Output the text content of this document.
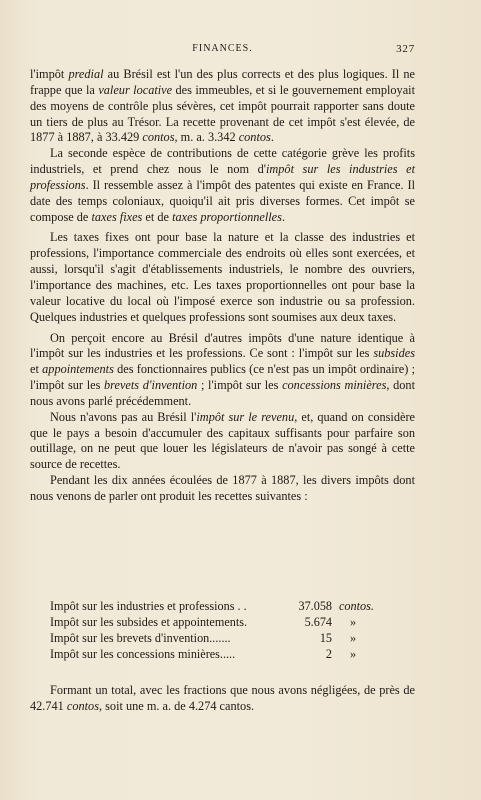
FINANCES.	327

l'impôt predial au Brésil est l'un des plus corrects et des plus logiques. Il ne frappe que la valeur locative des immeubles, et si le gouvernement employait des moyens de contrôle plus sévères, cet impôt pourrait rapporter sans doute un tiers de plus au Trésor. La recette provenant de cet impôt s'est élevée, de 1877 à 1887, à 33.429 contos, m. a. 3.342 contos.

La seconde espèce de contributions de cette catégorie grève les profits industriels, et prend chez nous le nom d'impôt sur les industries et professions. Il ressemble assez à l'impôt des patentes qui existe en France. Il date des temps coloniaux, quoiqu'il ait pris diverses formes. Cet impôt se compose de taxes fixes et de taxes proportionnelles.

Les taxes fixes ont pour base la nature et la classe des industries et professions, l'importance commerciale des endroits où elles sont exercées, et aussi, lorsqu'il s'agit d'établissements industriels, le nombre des ouvriers, l'importance des machines, etc. Les taxes proportionnelles ont pour base la valeur locative du local où l'imposé exerce son industrie ou sa profession. Quelques industries et quelques professions sont soumises aux deux taxes.

On perçoit encore au Brésil d'autres impôts d'une nature identique à l'impôt sur les industries et les professions. Ce sont : l'impôt sur les subsides et appointements des fonctionnaires publics (ce n'est pas un impôt ordinaire) ; l'impôt sur les brevets d'invention ; l'impôt sur les concessions minières, dont nous avons parlé précédemment.

Nous n'avons pas au Brésil l'impôt sur le revenu, et, quand on considère que le pays a besoin d'accumuler des capitaux suffisants pour parfaire son outillage, on ne peut que louer les législateurs de n'avoir pas songé à cette source de recettes.

Pendant les dix années écoulées de 1877 à 1887, les divers impôts dont nous venons de parler ont produit les recettes suivantes :

Impôt sur les industries et professions . .	37.058 contos.
Impôt sur les subsides et appointements.	5.674 »
Impôt sur les brevets d'invention.......	15 »
Impôt sur les concessions minières.....	2 »

Formant un total, avec les fractions que nous avons négligées, de près de 42.741 contos, soit une m. a. de 4.274 cantos.
